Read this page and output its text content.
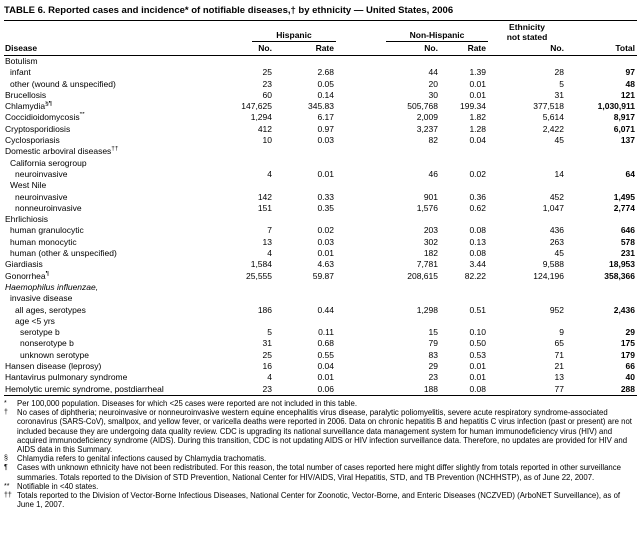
TABLE 6. Reported cases and incidence* of notifiable diseases,† by ethnicity — United States, 2006

	Hispanic		Non-Hispanic		Ethnicity
not stated	
Disease	No.	Rate	No.	Rate	No.	Total
Botulism						
infant	25	2.68	44	1.39	28	97
other (wound & unspecified)	23	0.05	20	0.01	5	48
Brucellosis	60	0.14	30	0.01	31	121
Chlamydia§¶	147,625	345.83	505,768	199.34	377,518	1,030,911
Coccidioidomycosis**	1,294	6.17	2,009	1.82	5,614	8,917
Cryptosporidiosis	412	0.97	3,237	1.28	2,422	6,071
Cyclosporiasis	10	0.03	82	0.04	45	137
Domestic arboviral diseases††						
California serogroup						
neuroinvasive	4	0.01	46	0.02	14	64
West Nile						
neuroinvasive	142	0.33	901	0.36	452	1,495
nonneuroinvasive	151	0.35	1,576	0.62	1,047	2,774
Ehrlichiosis						
human granulocytic	7	0.02	203	0.08	436	646
human monocytic	13	0.03	302	0.13	263	578
human (other & unspecified)	4	0.01	182	0.08	45	231
Giardiasis	1,584	4.63	7,781	3.44	9,588	18,953
Gonorrhea¶	25,555	59.87	208,615	82.22	124,196	358,366
Haemophilus influenzae,						
invasive disease						
all ages, serotypes	186	0.44	1,298	0.51	952	2,436
age <5 yrs						
serotype b	5	0.11	15	0.10	9	29
nonserotype b	31	0.68	79	0.50	65	175
unknown serotype	25	0.55	83	0.53	71	179
Hansen disease (leprosy)	16	0.04	29	0.01	21	66
Hantavirus pulmonary syndrome	4	0.01	23	0.01	13	40
Hemolytic uremic syndrome, postdiarrheal	23	0.06	188	0.08	77	288
*	Per 100,000 population. Diseases for which <25 cases were reported are not included in this table.
†	No cases of diphtheria; neuroinvasive or nonneuroinvasive western equine encephalitis virus disease, paralytic poliomyelitis, severe acute respiratory syndrome-associated coronavirus (SARS-CoV), smallpox, and yellow fever, or varicella deaths were reported in 2006. Data on chronic hepatitis B and hepatitis C virus infection (past or present) are not included because they are undergoing data quality review. CDC is upgrading its national surveillance data management system for human immunodeficiency virus (HIV) and acquired immunodeficiency syndrome (AIDS). During this transition, CDC is not updating AIDS or HIV infection surveillance data. Therefore, no updates are provided for HIV and AIDS data in this Summary.
§	Chlamydia refers to genital infections caused by Chlamydia trachomatis.
¶	Cases with unknown ethnicity have not been redistributed. For this reason, the total number of cases reported here might differ slightly from totals reported in other surveillance summaries. Totals reported to the Division of STD Prevention, National Center for HIV/AIDS, Viral Hepatitis, STD, and TB Prevention (NCHHSTP), as of June 22, 2007.
** Notifiable in <40 states.
†† Totals reported to the Division of Vector-Borne Infectious Diseases, National Center for Zoonotic, Vector-Borne, and Enteric Diseases (NCZVED) (ArboNET Surveillance), as of June 1, 2007.
